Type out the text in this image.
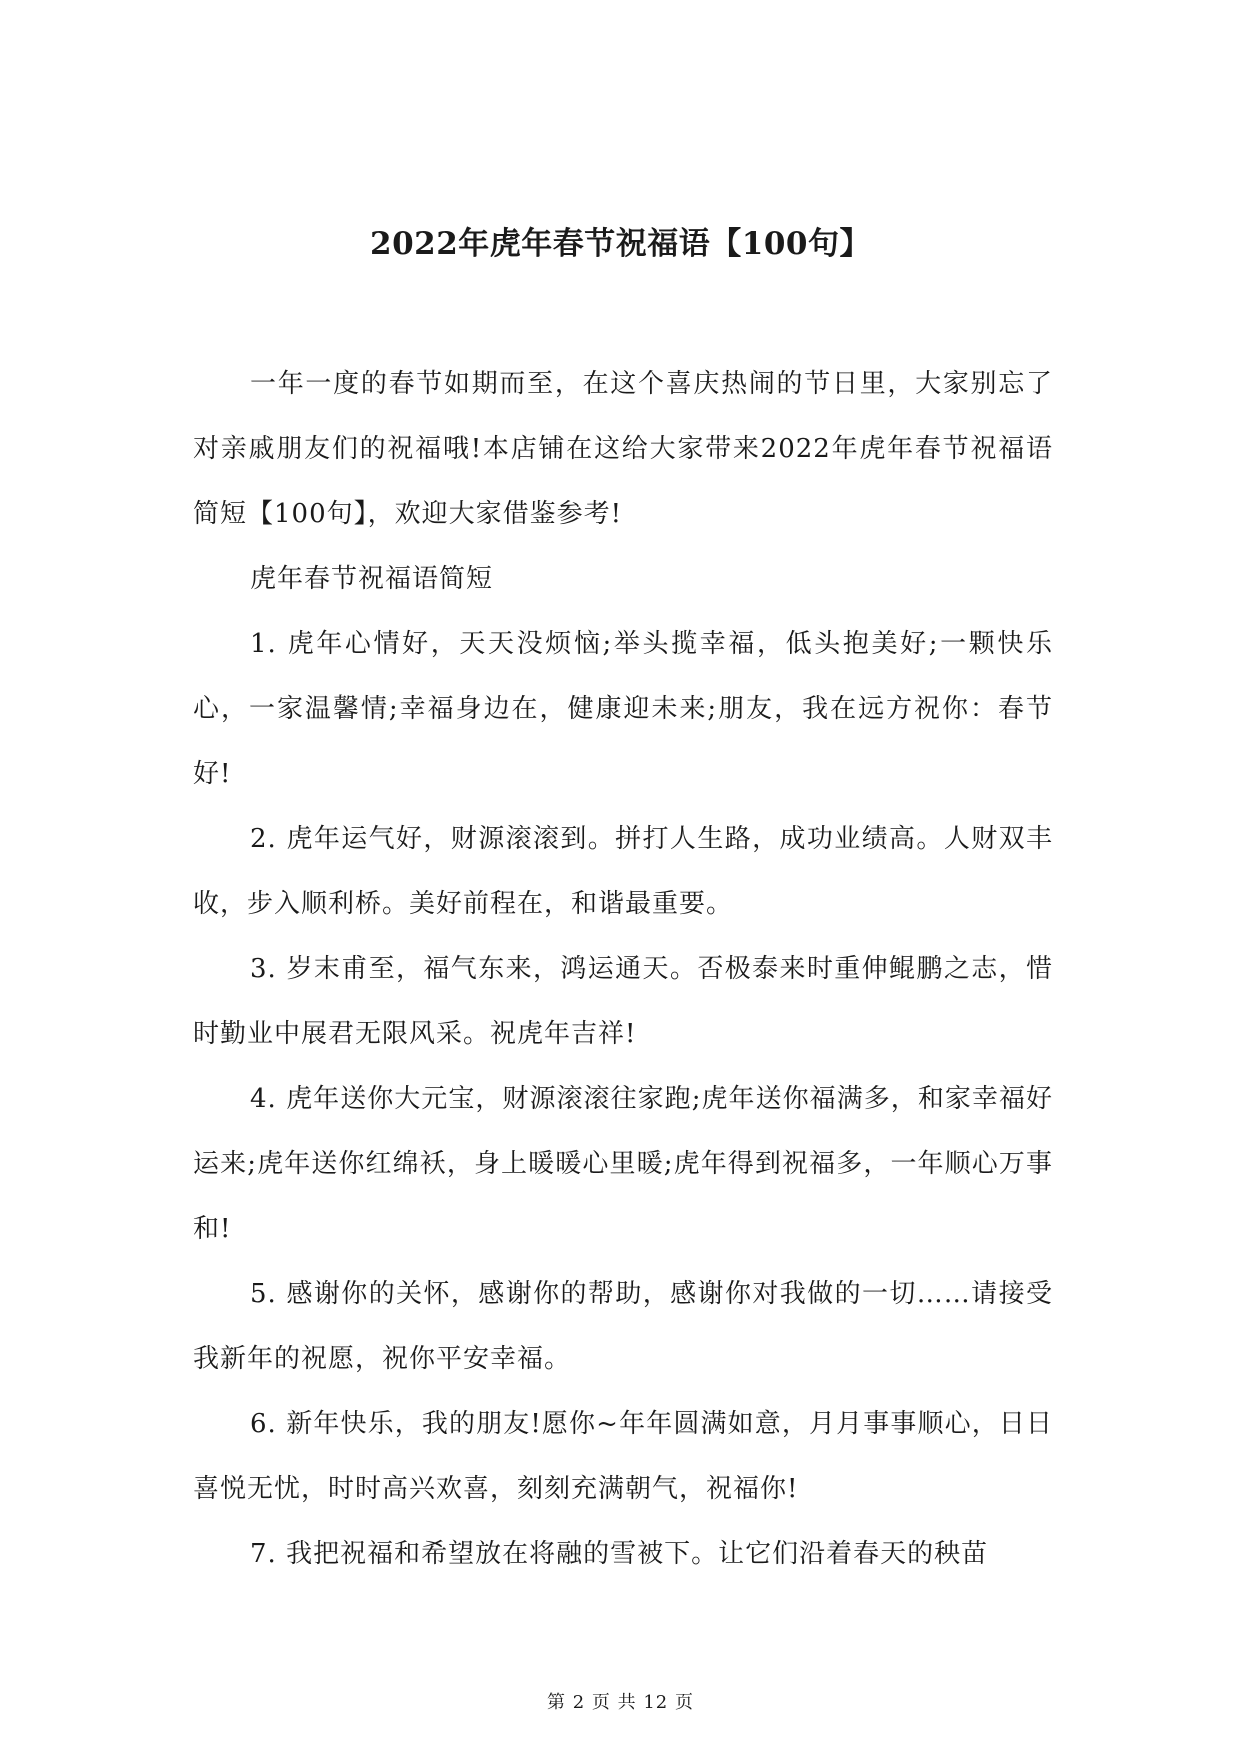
2022年虎年春节祝福语【100句】

一年一度的春节如期而至，在这个喜庆热闹的节日里，大家别忘了对亲戚朋友们的祝福哦!本店铺在这给大家带来2022年虎年春节祝福语简短【100句】，欢迎大家借鉴参考!

虎年春节祝福语简短

1. 虎年心情好，天天没烦恼;举头揽幸福，低头抱美好;一颗快乐心，一家温馨情;幸福身边在，健康迎未来;朋友，我在远方祝你：春节好!

2. 虎年运气好，财源滚滚到。拼打人生路，成功业绩高。人财双丰收，步入顺利桥。美好前程在，和谐最重要。

3. 岁末甫至，福气东来，鸿运通天。否极泰来时重伸鲲鹏之志，惜时勤业中展君无限风采。祝虎年吉祥!

4. 虎年送你大元宝，财源滚滚往家跑;虎年送你福满多，和家幸福好运来;虎年送你红绵袄，身上暖暖心里暖;虎年得到祝福多，一年顺心万事和!

5. 感谢你的关怀，感谢你的帮助，感谢你对我做的一切……请接受我新年的祝愿，祝你平安幸福。

6. 新年快乐，我的朋友!愿你~年年圆满如意，月月事事顺心，日日喜悦无忧，时时高兴欢喜，刻刻充满朝气，祝福你!

7. 我把祝福和希望放在将融的雪被下。让它们沿着春天的秧苗

第 2 页 共 12 页
